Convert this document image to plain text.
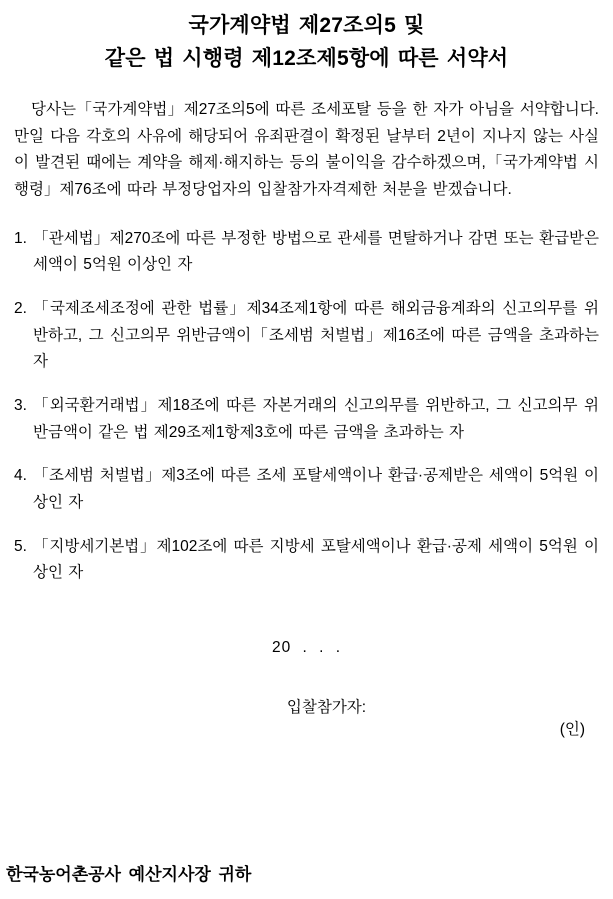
국가계약법 제27조의5 및
같은 법 시행령 제12조제5항에 따른 서약서
당사는「국가계약법」제27조의5에 따른 조세포탈 등을 한 자가 아님을 서약합니다. 만일 다음 각호의 사유에 해당되어 유죄판결이 확정된 날부터 2년이 지나지 않는 사실이 발견된 때에는 계약을 해제·해지하는 등의 불이익을 감수하겠으며,「국가계약법 시행령」제76조에 따라 부정당업자의 입찰참가자격제한 처분을 받겠습니다.
1. 「관세법」제270조에 따른 부정한 방법으로 관세를 면탈하거나 감면 또는 환급받은 세액이 5억원 이상인 자
2. 「국제조세조정에 관한 법률」제34조제1항에 따른 해외금융계좌의 신고의무를 위반하고, 그 신고의무 위반금액이「조세범 처벌법」제16조에 따른 금액을 초과하는 자
3. 「외국환거래법」제18조에 따른 자본거래의 신고의무를 위반하고, 그 신고의무 위반금액이 같은 법 제29조제1항제3호에 따른 금액을 초과하는 자
4. 「조세범 처벌법」제3조에 따른 조세 포탈세액이나 환급·공제받은 세액이 5억원 이상인 자
5. 「지방세기본법」제102조에 따른 지방세 포탈세액이나 환급·공제 세액이 5억원 이상인 자
20 . . .
입찰참가자:
(인)
한국농어촌공사 예산지사장 귀하
